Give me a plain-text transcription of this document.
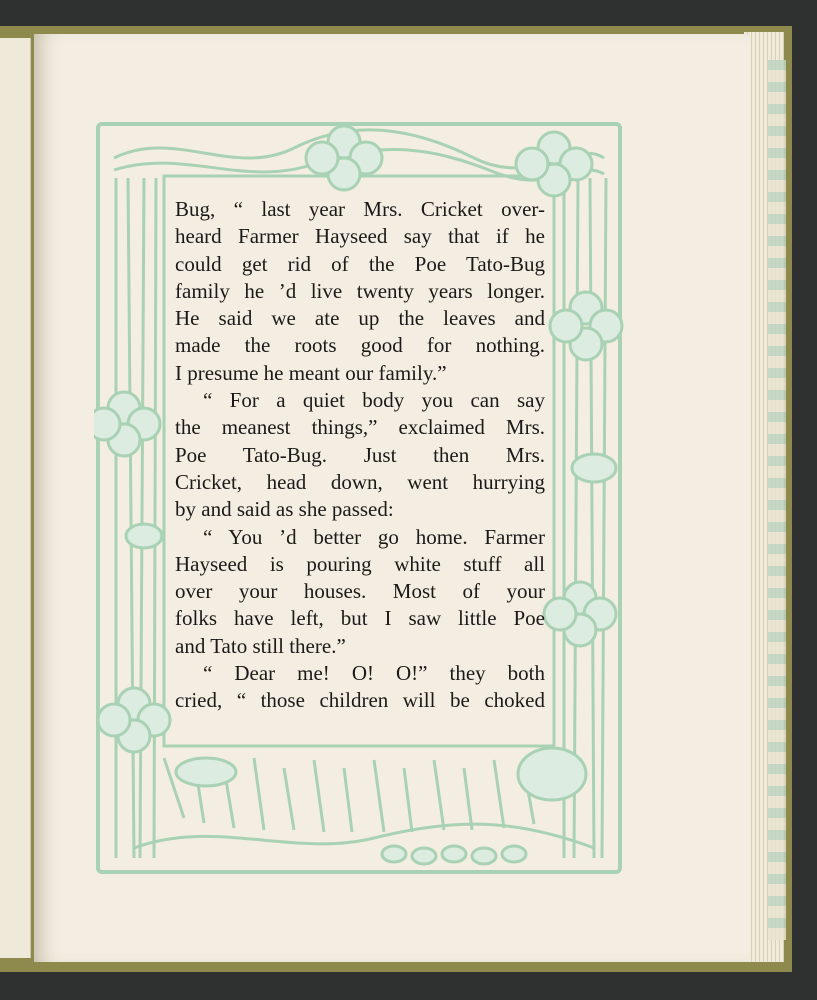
Bug, “ last year Mrs. Cricket over-
heard Farmer Hayseed say that if he
could get rid of the Poe Tato-Bug
family he ’d live twenty years longer.
He said we ate up the leaves and
made the roots good for nothing.
I presume he meant our family.”
“ For a quiet body you can say
the meanest things,” exclaimed Mrs.
Poe Tato-Bug. Just then Mrs.
Cricket, head down, went hurrying
by and said as she passed:
“ You ’d better go home. Farmer
Hayseed is pouring white stuff all
over your houses. Most of your
folks have left, but I saw little Poe
and Tato still there.”
“ Dear me! O! O!” they both
cried, “ those children will be choked
